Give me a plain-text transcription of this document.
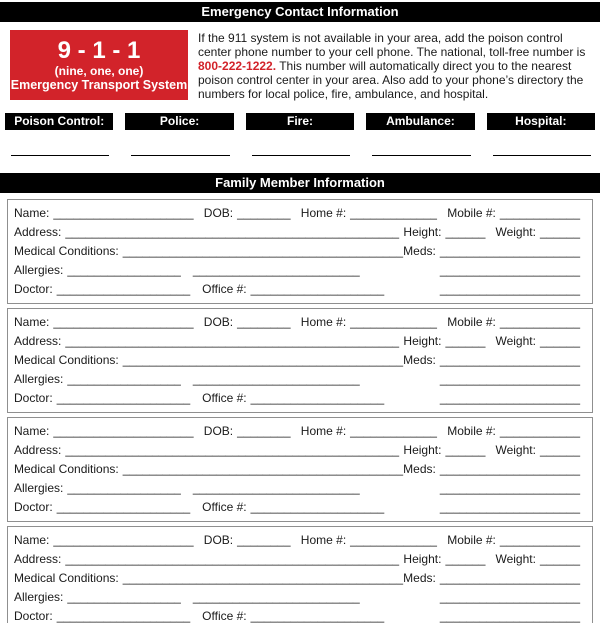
Emergency Contact Information
9 - 1 - 1
(nine, one, one)
Emergency Transport System
If the 911 system is not available in your area, add the poison control center phone number to your cell phone. The national, toll-free number is 800-222-1222. This number will automatically direct you to the nearest poison control center in your area. Also add to your phone’s directory the numbers for local police, fire, ambulance, and hospital.
Poison Control:	Police:	Fire:	Ambulance:	Hospital:
Family Member Information
Name: _____________________ DOB: ________ Home #: _____________ Mobile #: ____________
Address: __________________________________________________ Height: ______ Weight: ______
Medical Conditions: __________________________________________ Meds: _____________________
Allergies: _________________ _________________________	_____________________
Doctor: ____________________ Office #: ____________________	_____________________
Name: _____________________ DOB: ________ Home #: _____________ Mobile #: ____________
Address: __________________________________________________ Height: ______ Weight: ______
Medical Conditions: __________________________________________ Meds: _____________________
Allergies: _________________ _________________________	_____________________
Doctor: ____________________ Office #: ____________________	_____________________
Name: _____________________ DOB: ________ Home #: _____________ Mobile #: ____________
Address: __________________________________________________ Height: ______ Weight: ______
Medical Conditions: __________________________________________ Meds: _____________________
Allergies: _________________ _________________________	_____________________
Doctor: ____________________ Office #: ____________________	_____________________
Name: _____________________ DOB: ________ Home #: _____________ Mobile #: ____________
Address: __________________________________________________ Height: ______ Weight: ______
Medical Conditions: __________________________________________ Meds: _____________________
Allergies: _________________ _________________________	_____________________
Doctor: ____________________ Office #: ____________________	_____________________
